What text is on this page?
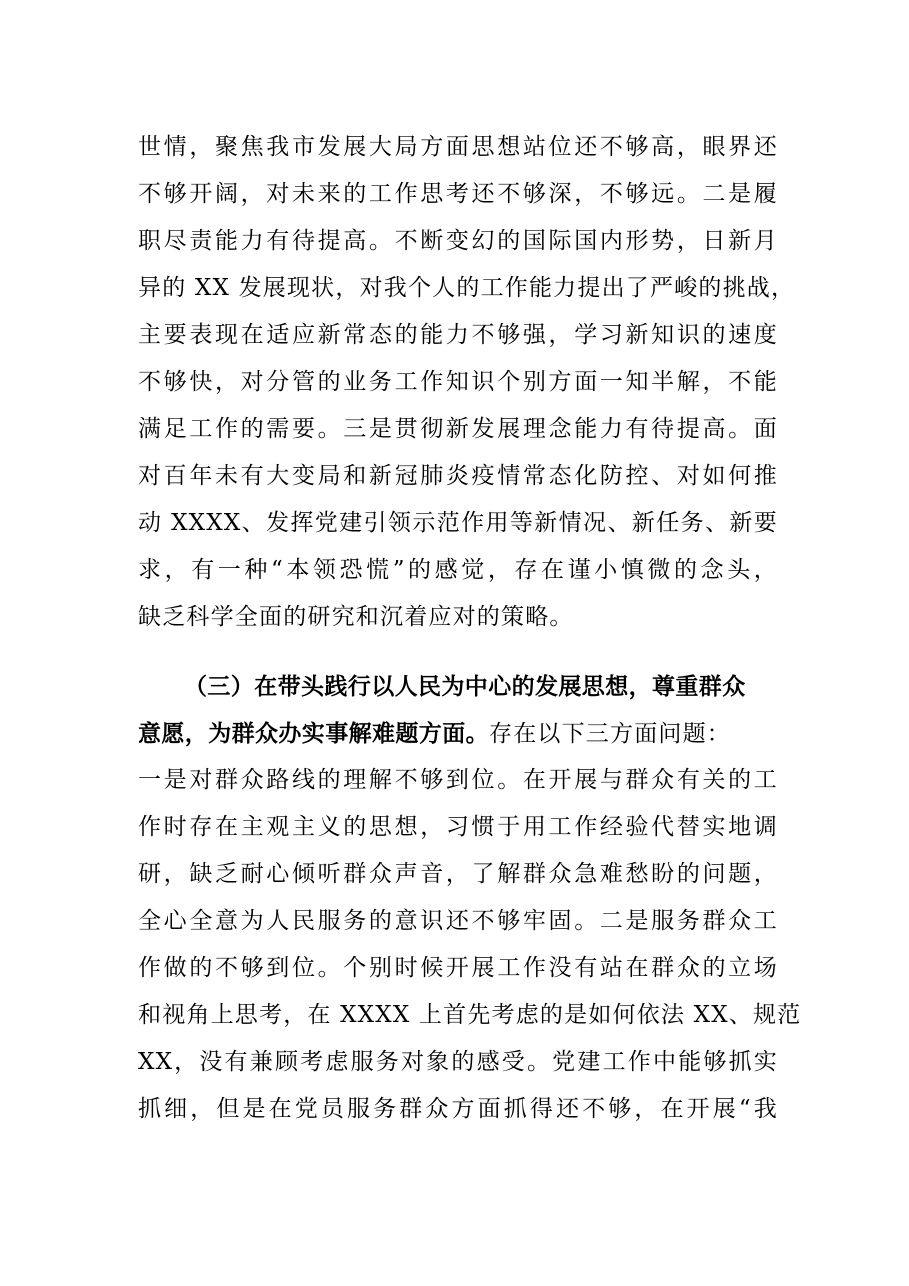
世情，聚焦我市发展大局方面思想站位还不够高，眼界还
不够开阔，对未来的工作思考还不够深，不够远。二是履
职尽责能力有待提高。不断变幻的国际国内形势，日新月
异的 XX 发展现状，对我个人的工作能力提出了严峻的挑战，
主要表现在适应新常态的能力不够强，学习新知识的速度
不够快，对分管的业务工作知识个别方面一知半解，不能
满足工作的需要。三是贯彻新发展理念能力有待提高。面
对百年未有大变局和新冠肺炎疫情常态化防控、对如何推
动 XXXX、发挥党建引领示范作用等新情况、新任务、新要
求，有一种“本领恐慌”的感觉，存在谨小慎微的念头，
缺乏科学全面的研究和沉着应对的策略。
（三）在带头践行以人民为中心的发展思想，尊重群众
意愿，为群众办实事解难题方面。存在以下三方面问题：
一是对群众路线的理解不够到位。在开展与群众有关的工
作时存在主观主义的思想，习惯于用工作经验代替实地调
研，缺乏耐心倾听群众声音，了解群众急难愁盼的问题，
全心全意为人民服务的意识还不够牢固。二是服务群众工
作做的不够到位。个别时候开展工作没有站在群众的立场
和视角上思考，在 XXXX 上首先考虑的是如何依法 XX、规范
XX，没有兼顾考虑服务对象的感受。党建工作中能够抓实
抓细，但是在党员服务群众方面抓得还不够，在开展“我
